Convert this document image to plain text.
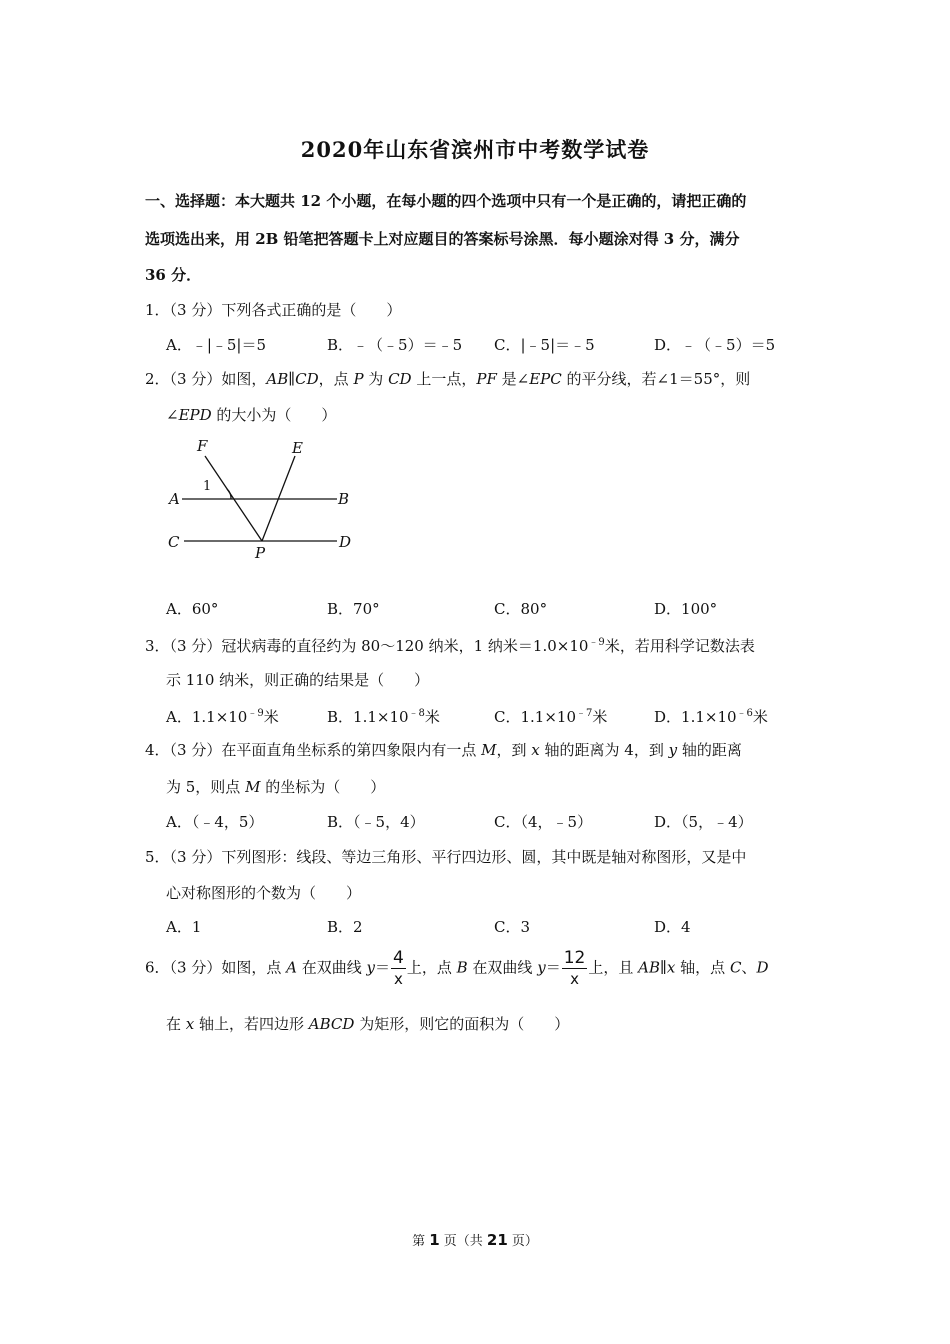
2020年山东省滨州市中考数学试卷
一、选择题：本大题共 12 个小题，在每小题的四个选项中只有一个是正确的，请把正确的
选项选出来，用 2B 铅笔把答题卡上对应题目的答案标号涂黑．每小题涂对得 3 分，满分
36 分．
1．（3 分）下列各式正确的是（　　）
A．﹣|﹣5|＝5	B．﹣（﹣5）＝﹣5 C．|﹣5|＝﹣5	D．﹣（﹣5）＝5
2．（3 分）如图，AB∥CD，点 P 为 CD 上一点，PF 是∠EPC 的平分线，若∠1＝55°，则
∠EPD 的大小为（　　）
F	E
A	B
C	D
P
1
A．60°	B．70°	C．80°	D．100°
3．（3 分）冠状病毒的直径约为 80～120 纳米，1 纳米$=1.0\times 10^{﹣9}$米，若用科学记数法表
示 110 纳米，则正确的结果是（　　）
A．$1.1\times 10^{﹣9}$米	B．$1.1\times 10^{﹣8}$米	C．$1.1\times 10^{﹣7}$米	D．$1.1\times 10^{﹣6}$米
4．（3 分）在平面直角坐标系的第四象限内有一点 M，到 x 轴的距离为 4，到 y 轴的距离
为 5，则点 M 的坐标为（　　）
A．（﹣4，5）	B．（﹣5，4）	C．（4，﹣5）	D．（5，﹣4）
5．（3 分）下列图形：线段、等边三角形、平行四边形、圆，其中既是轴对称图形，又是中
心对称图形的个数为（　　）
A．1	B．2	C．3	D．4
6．（3 分）如图，点 A 在双曲线 $y= \frac{4}{x}$ 上，点 B 在双曲线 $y= \frac{12}{x}$ 上，且 AB∥x 轴，点 C、D
在 x 轴上，若四边形 ABCD 为矩形，则它的面积为（　　）
第 1 页（共 21 页）
